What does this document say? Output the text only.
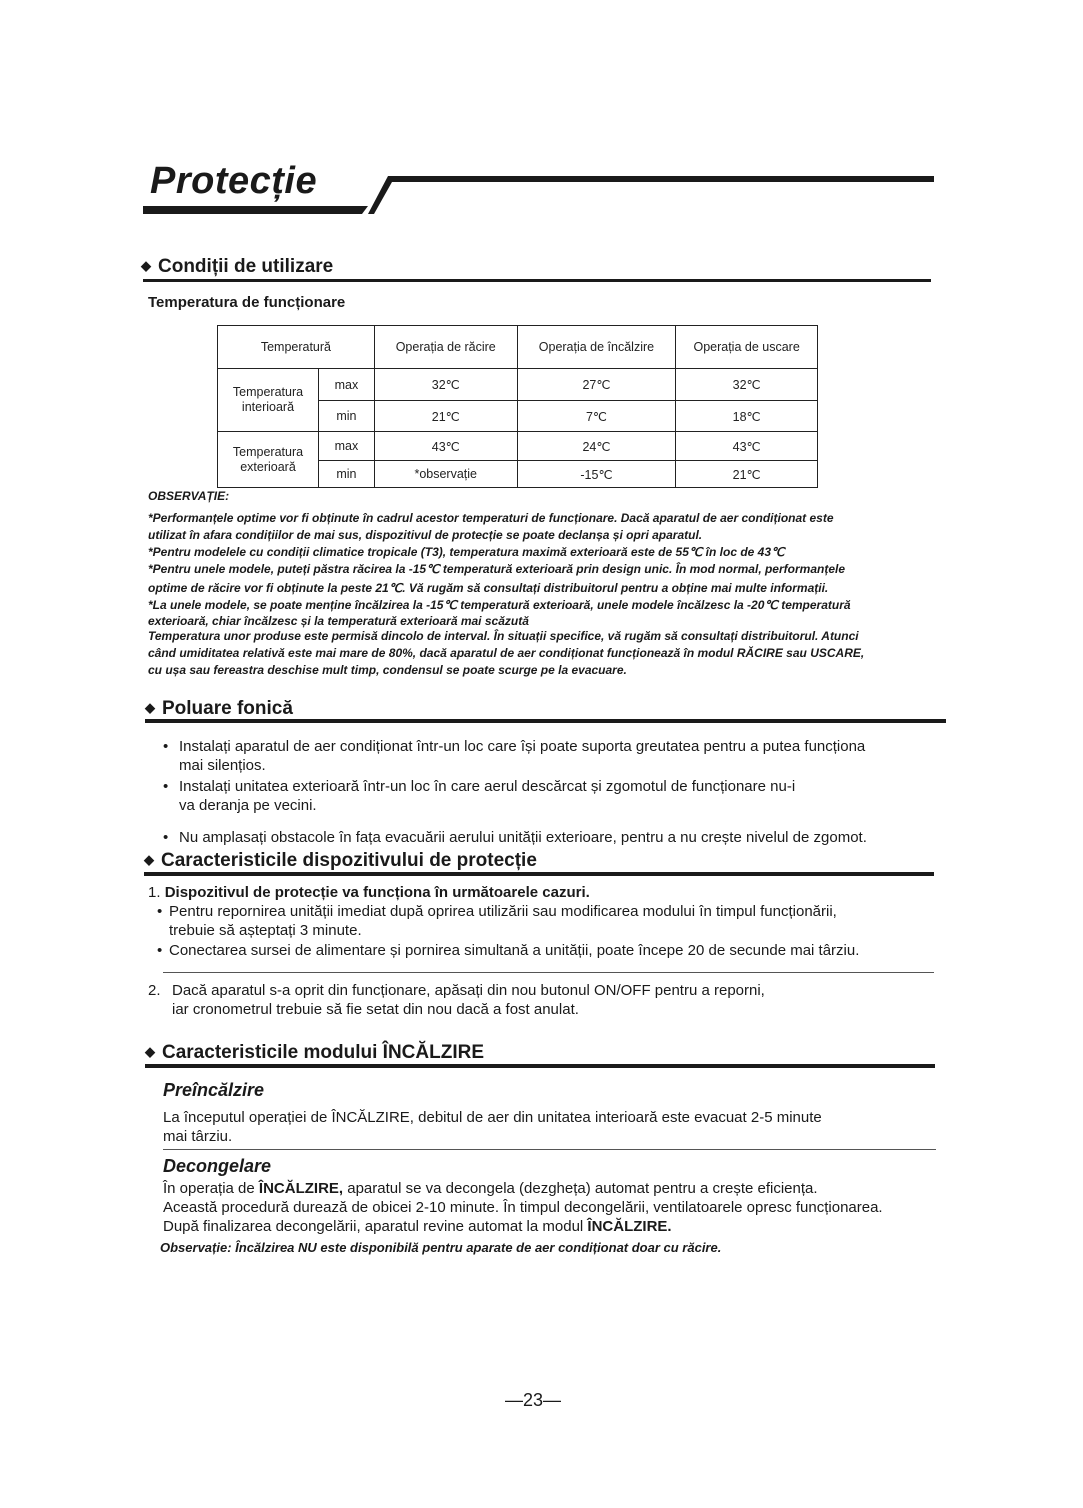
Protecție
◆ Condiții de utilizare
Temperatura de funcționare
Temperatură		Operația de răcire	Operația de încălzire	Operația de uscare
Temperatura interioară	max	32℃	27℃	32℃
	min	21℃	7℃	18℃
Temperatura exterioară	max	43℃	24℃	43℃
	min	*observație	-15℃	21℃

OBSERVAȚIE:

*Performanțele optime vor fi obținute în cadrul acestor temperaturi de funcționare. Dacă aparatul de aer condiționat este

utilizat în afara condițiilor de mai sus, dispozitivul de protecție se poate declanșa și opri aparatul.

*Pentru modelele cu condiții climatice tropicale (T3), temperatura maximă exterioară este de 55℃ în loc de 43℃

*Pentru unele modele, puteți păstra răcirea la -15℃ temperatură exterioară prin design unic. În mod normal, performanțele

optime de răcire vor fi obținute la peste 21℃. Vă rugăm să consultați distribuitorul pentru a obține mai multe informații.

*La unele modele, se poate menține încălzirea la -15℃ temperatură exterioară, unele modele încălzesc la -20℃ temperatură

exterioară, chiar încălzesc și la temperatură exterioară mai scăzută

Temperatura unor produse este permisă dincolo de interval. În situații specifice, vă rugăm să consultați distribuitorul. Atunci

când umiditatea relativă este mai mare de 80%, dacă aparatul de aer condiționat funcționează în modul RĂCIRE sau USCARE,

cu ușa sau fereastra deschise mult timp, condensul se poate scurge pe la evacuare.

◆ Poluare fonică
• Instalați aparatul de aer condiționat într-un loc care își poate suporta greutatea pentru a putea funcționa

mai silențios.

• Instalați unitatea exterioară într-un loc în care aerul descărcat și zgomotul de funcționare nu-i

va deranja pe vecini.

• Nu amplasați obstacole în fața evacuării aerului unității exterioare, pentru a nu crește nivelul de zgomot.

◆ Caracteristicile dispozitivului de protecție

1. Dispozitivul de protecție va funcționa în următoarele cazuri.

• Pentru repornirea unității imediat după oprirea utilizării sau modificarea modului în timpul funcționării,

trebuie să așteptați 3 minute.

• Conectarea sursei de alimentare și pornirea simultană a unității, poate începe 20 de secunde mai târziu.

2. Dacă aparatul s-a oprit din funcționare, apăsați din nou butonul ON/OFF pentru a reporni,

iar cronometrul trebuie să fie setat din nou dacă a fost anulat.

◆ Caracteristicile modului ÎNCĂLZIRE
Preîncălzire

La începutul operației de ÎNCĂLZIRE, debitul de aer din unitatea interioară este evacuat 2-5 minute

mai târziu.

Decongelare

În operația de ÎNCĂLZIRE, aparatul se va decongela (dezgheța) automat pentru a crește eficiența.

Această procedură durează de obicei 2-10 minute. În timpul decongelării, ventilatoarele opresc funcționarea.

După finalizarea decongelării, aparatul revine automat la modul ÎNCĂLZIRE.

Observație: Încălzirea NU este disponibilă pentru aparate de aer condiționat doar cu răcire.
—23—
